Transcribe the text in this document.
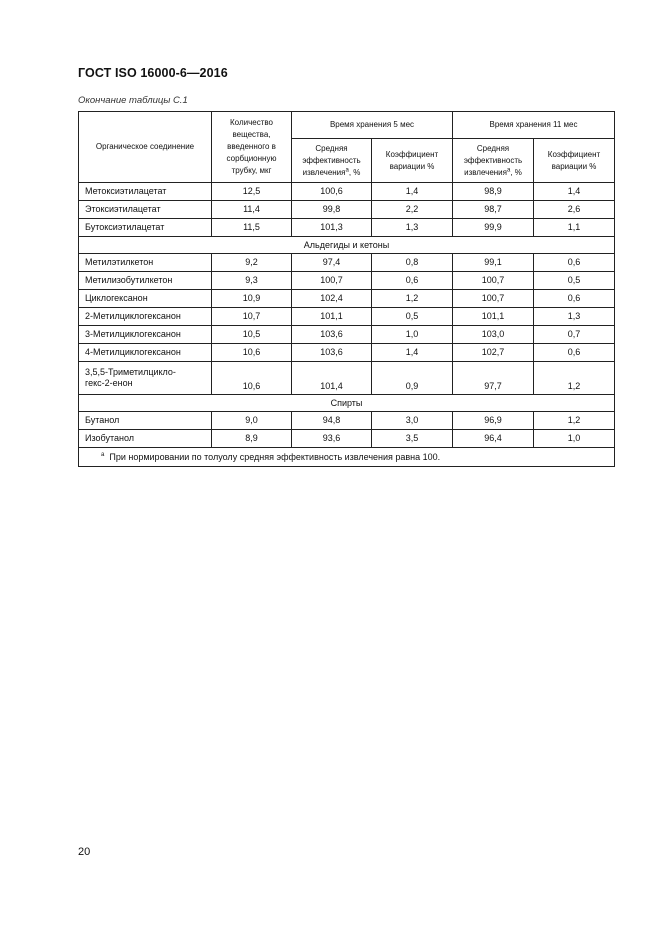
ГОСТ ISO 16000-6—2016
Окончание таблицы С.1
Органическое соединение	Количество вещества, введенного в сорбционную трубку, мкг	Время хранения 5 мес		Время хранения 11 мес	
		Средняя эффективность извлечения$^а$, %	Коэффициент вариации %	Средняя эффективность извлечения$^а$, %	Коэффициент вариации %
Метоксиэтилацетат	12,5	100,6	1,4	98,9	1,4
Этоксиэтилацетат	11,4	99,8	2,2	98,7	2,6
Бутоксиэтилацетат	11,5	101,3	1,3	99,9	1,1
Альдегиды и кетоны					
Метилэтилкетон	9,2	97,4	0,8	99,1	0,6
Метилизобутилкетон	9,3	100,7	0,6	100,7	0,5
Циклогексанон	10,9	102,4	1,2	100,7	0,6
2-Метилциклогексанон	10,7	101,1	0,5	101,1	1,3
3-Метилциклогексанон	10,5	103,6	1,0	103,0	0,7
4-Метилциклогексанон	10,6	103,6	1,4	102,7	0,6
3,5,5-Триметилцикло-
гекс-2-енон	10,6	101,4	0,9	97,7	1,2
Спирты					
Бутанол	9,0	94,8	3,0	96,9	1,2
Изобутанол	8,9	93,6	3,5	96,4	1,0
$^а$ При нормировании по толуолу средняя эффективность извлечения равна 100.					
20
